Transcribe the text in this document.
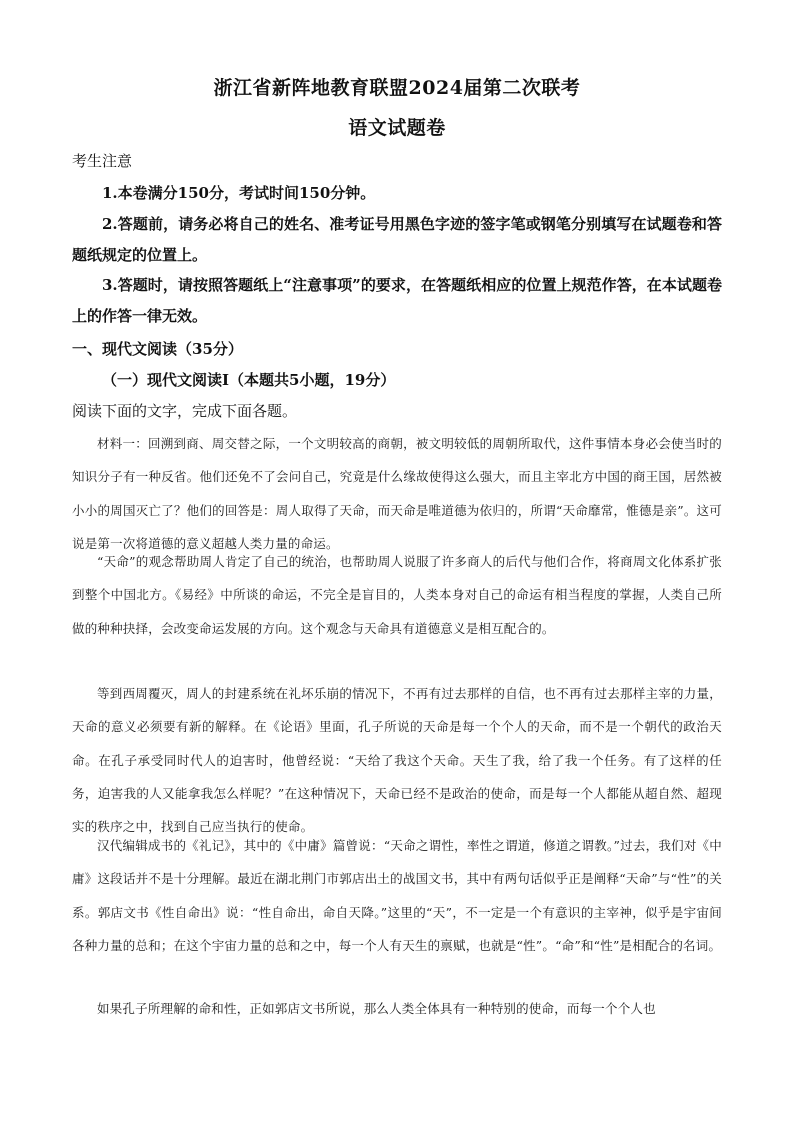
浙江省新阵地教育联盟2024届第二次联考
语文试题卷
考生注意
1.本卷满分150分，考试时间150分钟。
2.答题前，请务必将自己的姓名、准考证号用黑色字迹的签字笔或钢笔分别填写在试题卷和答题纸规定的位置上。
3.答题时，请按照答题纸上“注意事项”的要求，在答题纸相应的位置上规范作答，在本试题卷上的作答一律无效。
一、现代文阅读（35分）
（一）现代文阅读Ⅰ（本题共5小题，19分）
阅读下面的文字，完成下面各题。
材料一：回溯到商、周交替之际，一个文明较高的商朝，被文明较低的周朝所取代，这件事情本身必会使当时的知识分子有一种反省。他们还免不了会问自己，究竟是什么缘故使得这么强大，而且主宰北方中国的商王国，居然被小小的周国灭亡了？他们的回答是：周人取得了天命，而天命是唯道德为依归的，所谓“天命靡常，惟德是亲”。这可说是第一次将道德的意义超越人类力量的命运。
“天命”的观念帮助周人肯定了自己的统治，也帮助周人说服了许多商人的后代与他们合作，将商周文化体系扩张到整个中国北方。《易经》中所谈的命运，不完全是盲目的，人类本身对自己的命运有相当程度的掌握，人类自己所做的种种抉择，会改变命运发展的方向。这个观念与天命具有道德意义是相互配合的。
等到西周覆灭，周人的封建系统在礼坏乐崩的情况下，不再有过去那样的自信，也不再有过去那样主宰的力量，天命的意义必须要有新的解释。在《论语》里面，孔子所说的天命是每一个个人的天命，而不是一个朝代的政治天命。在孔子承受同时代人的迫害时，他曾经说：“天给了我这个天命。天生了我，给了我一个任务。有了这样的任务，迫害我的人又能拿我怎么样呢？”在这种情况下，天命已经不是政治的使命，而是每一个人都能从超自然、超现实的秩序之中，找到自己应当执行的使命。
汉代编辑成书的《礼记》，其中的《中庸》篇曾说：“天命之谓性，率性之谓道，修道之谓教。”过去，我们对《中庸》这段话并不是十分理解。最近在湖北荆门市郭店出土的战国文书，其中有两句话似乎正是阐释“天命”与“性”的关系。郭店文书《性自命出》说：“性自命出，命自天降。”这里的“天”，不一定是一个有意识的主宰神，似乎是宇宙间各种力量的总和；在这个宇宙力量的总和之中，每一个人有天生的禀赋，也就是“性”。“命”和“性”是相配合的名词。
如果孔子所理解的命和性，正如郭店文书所说，那么人类全体具有一种特别的使命，而每一个个人也
